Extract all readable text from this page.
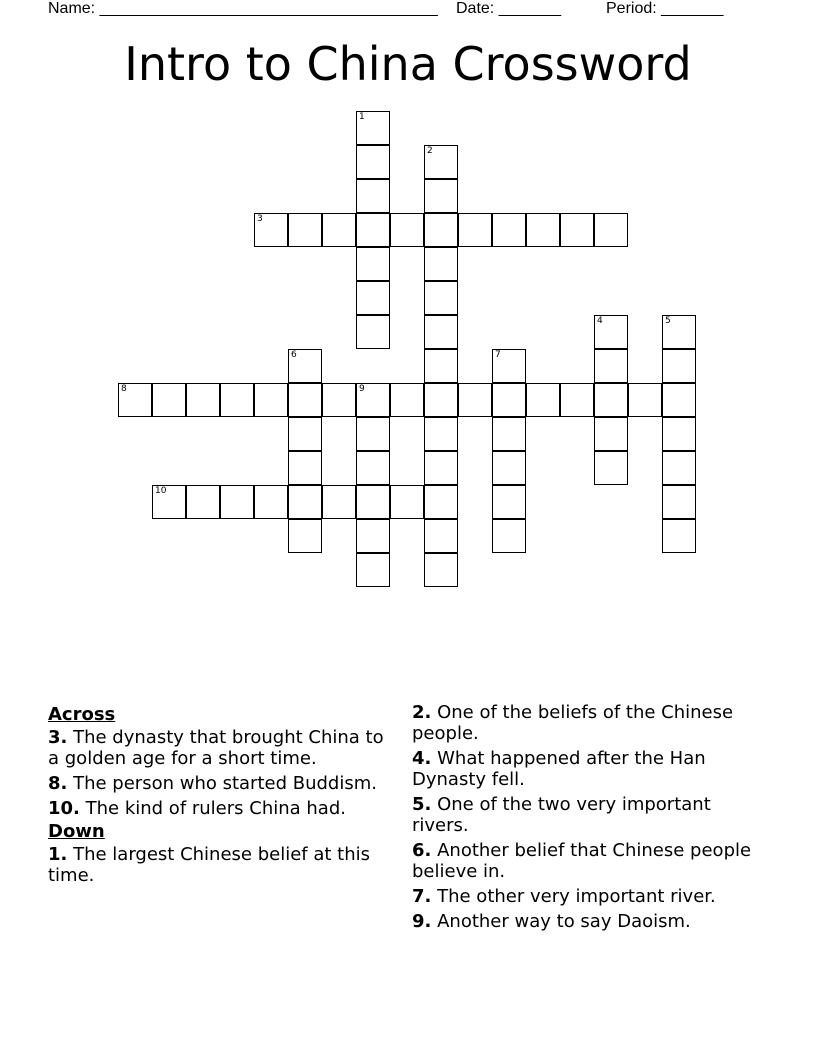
Name: ______________________________________

Date: _______

	Period: _______

Intro to China Crossword
1
2
3
4	5
6	7
8	9
10
Across
3. The dynasty that brought China to a golden age for a short time.
8. The person who started Buddism.
10. The kind of rulers China had.
Down
1. The largest Chinese belief at this time.
2. One of the beliefs of the Chinese people.
4. What happened after the Han Dynasty fell.
5. One of the two very important rivers.
6. Another belief that Chinese people believe in.
7. The other very important river.
9. Another way to say Daoism.
